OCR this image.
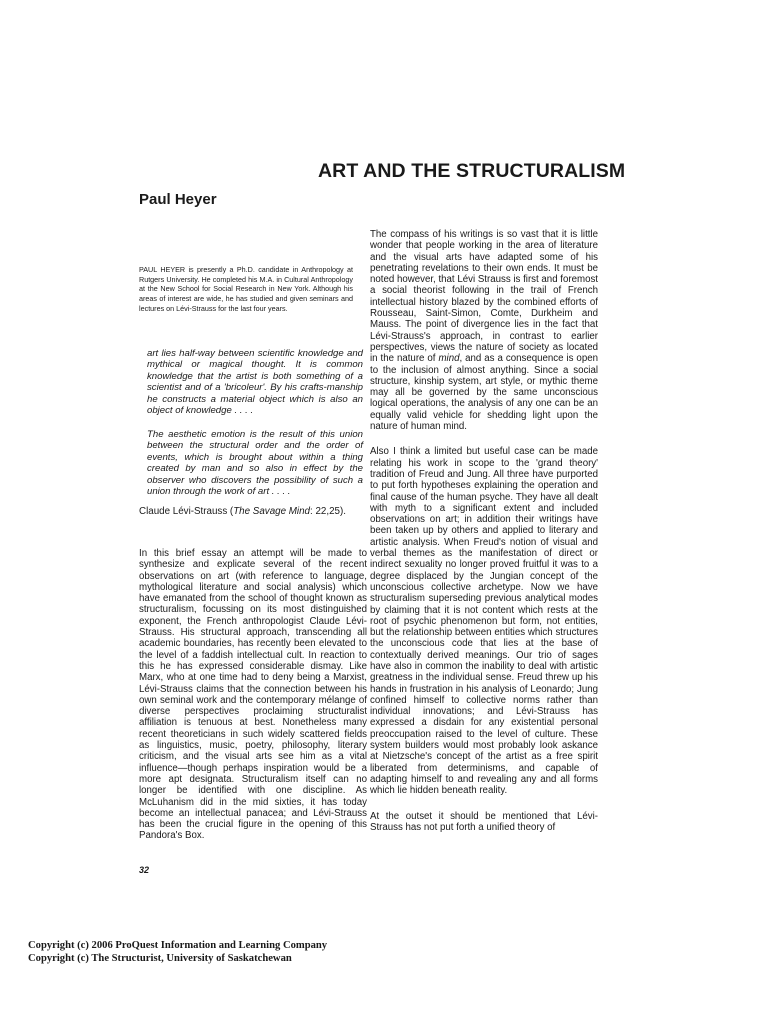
ART AND THE STRUCTURALISM
Paul Heyer
PAUL HEYER is presently a Ph.D. candidate in Anthropology at Rutgers University. He completed his M.A. in Cultural Anthropology at the New School for Social Research in New York. Although his areas of interest are wide, he has studied and given seminars and lectures on Lévi-Strauss for the last four years.
art lies half-way between scientific knowledge and mythical or magical thought. It is common knowledge that the artist is both something of a scientist and of a 'bricoleur'. By his crafts-manship he constructs a material object which is also an object of knowledge . . . .
The aesthetic emotion is the result of this union between the structural order and the order of events, which is brought about within a thing created by man and so also in effect by the observer who discovers the possibility of such a union through the work of art . . . .
Claude Lévi-Strauss (The Savage Mind: 22,25).

In this brief essay an attempt will be made to synthesize and explicate several of the recent observations on art (with reference to language, mythological literature and social analysis) which have emanated from the school of thought known as structuralism, focussing on its most distinguished exponent, the French anthropologist Claude Lévi-Strauss. His structural approach, transcending all academic boundaries, has recently been elevated to the level of a faddish intellectual cult. In reaction to this he has expressed considerable dismay. Like Marx, who at one time had to deny being a Marxist, Lévi-Strauss claims that the connection between his own seminal work and the contemporary mélange of diverse perspectives proclaiming structuralist affiliation is tenuous at best. Nonetheless many recent theoreticians in such widely scattered fields as linguistics, music, poetry, philosophy, literary criticism, and the visual arts see him as a vital influence—though perhaps inspiration would be a more apt designata. Structuralism itself can no longer be identified with one discipline. As McLuhanism did in the mid sixties, it has today become an intellectual panacea; and Lévi-Strauss has been the crucial figure in the opening of this Pandora's Box.

The compass of his writings is so vast that it is little wonder that people working in the area of literature and the visual arts have adapted some of his penetrating revelations to their own ends. It must be noted however, that Lévi Strauss is first and foremost a social theorist following in the trail of French intellectual history blazed by the combined efforts of Rousseau, Saint-Simon, Comte, Durkheim and Mauss. The point of divergence lies in the fact that Lévi-Strauss's approach, in contrast to earlier perspectives, views the nature of society as located in the nature of mind, and as a consequence is open to the inclusion of almost anything. Since a social structure, kinship system, art style, or mythic theme may all be governed by the same unconscious logical operations, the analysis of any one can be an equally valid vehicle for shedding light upon the nature of human mind.

Also I think a limited but useful case can be made relating his work in scope to the 'grand theory' tradition of Freud and Jung. All three have purported to put forth hypotheses explaining the operation and final cause of the human psyche. They have all dealt with myth to a significant extent and included observations on art; in addition their writings have been taken up by others and applied to literary and artistic analysis. When Freud's notion of visual and verbal themes as the manifestation of direct or indirect sexuality no longer proved fruitful it was to a degree displaced by the Jungian concept of the unconscious collective archetype. Now we have structuralism superseding previous analytical modes by claiming that it is not content which rests at the root of psychic phenomenon but form, not entities, but the relationship between entities which structures the unconscious code that lies at the base of contextually derived meanings. Our trio of sages have also in common the inability to deal with artistic greatness in the individual sense. Freud threw up his hands in frustration in his analysis of Leonardo; Jung confined himself to collective norms rather than individual innovations; and Lévi-Strauss has expressed a disdain for any existential personal preoccupation raised to the level of culture. These system builders would most probably look askance at Nietzsche's concept of the artist as a free spirit liberated from determinisms, and capable of adapting himself to and revealing any and all forms which lie hidden beneath reality.

At the outset it should be mentioned that Lévi-Strauss has not put forth a unified theory of

32
Copyright (c) 2006 ProQuest Information and Learning Company
Copyright (c) The Structurist, University of Saskatchewan
